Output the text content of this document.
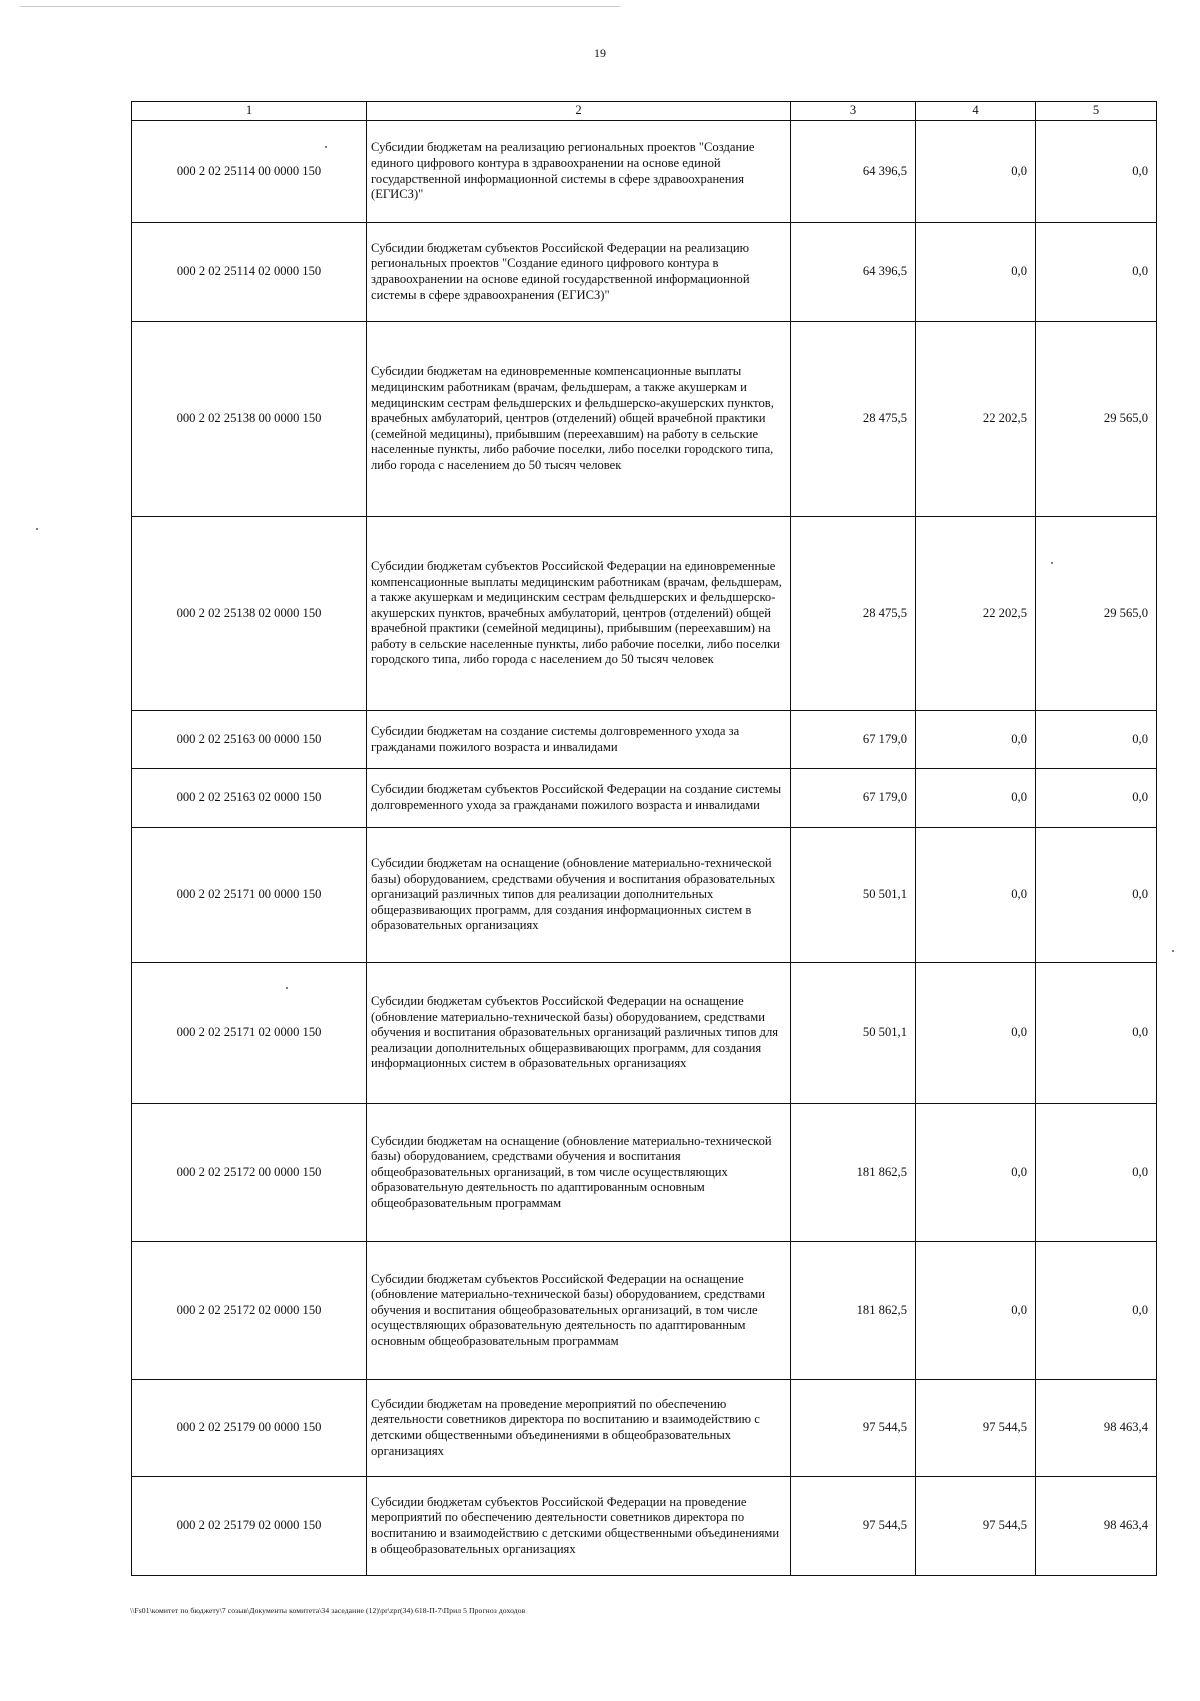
19
1	2	3	4	5
000 2 02 25114 00 0000 150	Субсидии бюджетам на реализацию региональных проектов "Создание единого цифрового контура в здравоохранении на основе единой государственной информационной системы в сфере здравоохранения (ЕГИСЗ)"	64 396,5	0,0	0,0
000 2 02 25114 02 0000 150	Субсидии бюджетам субъектов Российской Федерации на реализацию региональных проектов "Создание единого цифрового контура в здравоохранении на основе единой государственной информационной системы в сфере здравоохранения (ЕГИСЗ)"	64 396,5	0,0	0,0
000 2 02 25138 00 0000 150	Субсидии бюджетам на единовременные компенсационные выплаты медицинским работникам (врачам, фельдшерам, а также акушеркам и медицинским сестрам фельдшерских и фельдшерско-акушерских пунктов, врачебных амбулаторий, центров (отделений) общей врачебной практики (семейной медицины), прибывшим (переехавшим) на работу в сельские населенные пункты, либо рабочие поселки, либо поселки городского типа, либо города с населением до 50 тысяч человек	28 475,5	22 202,5	29 565,0
000 2 02 25138 02 0000 150	Субсидии бюджетам субъектов Российской Федерации на единовременные компенсационные выплаты медицинским работникам (врачам, фельдшерам, а также акушеркам и медицинским сестрам фельдшерских и фельдшерско-акушерских пунктов, врачебных амбулаторий, центров (отделений) общей врачебной практики (семейной медицины), прибывшим (переехавшим) на работу в сельские населенные пункты, либо рабочие поселки, либо поселки городского типа, либо города с населением до 50 тысяч человек	28 475,5	22 202,5	29 565,0
000 2 02 25163 00 0000 150	Субсидии бюджетам на создание системы долговременного ухода за гражданами пожилого возраста и инвалидами	67 179,0	0,0	0,0
000 2 02 25163 02 0000 150	Субсидии бюджетам субъектов Российской Федерации на создание системы долговременного ухода за гражданами пожилого возраста и инвалидами	67 179,0	0,0	0,0
000 2 02 25171 00 0000 150	Субсидии бюджетам на оснащение (обновление материально-технической базы) оборудованием, средствами обучения и воспитания образовательных организаций различных типов для реализации дополнительных общеразвивающих программ, для создания информационных систем в образовательных организациях	50 501,1	0,0	0,0
000 2 02 25171 02 0000 150	Субсидии бюджетам субъектов Российской Федерации на оснащение (обновление материально-технической базы) оборудованием, средствами обучения и воспитания образовательных организаций различных типов для реализации дополнительных общеразвивающих программ, для создания информационных систем в образовательных организациях	50 501,1	0,0	0,0
000 2 02 25172 00 0000 150	Субсидии бюджетам на оснащение (обновление материально-технической базы) оборудованием, средствами обучения и воспитания общеобразовательных организаций, в том числе осуществляющих образовательную деятельность по адаптированным основным общеобразовательным программам	181 862,5	0,0	0,0
000 2 02 25172 02 0000 150	Субсидии бюджетам субъектов Российской Федерации на оснащение (обновление материально-технической базы) оборудованием, средствами обучения и воспитания общеобразовательных организаций, в том числе осуществляющих образовательную деятельность по адаптированным основным общеобразовательным программам	181 862,5	0,0	0,0
000 2 02 25179 00 0000 150	Субсидии бюджетам на проведение мероприятий по обеспечению деятельности советников директора по воспитанию и взаимодействию с детскими общественными объединениями в общеобразовательных организациях	97 544,5	97 544,5	98 463,4
000 2 02 25179 02 0000 150	Субсидии бюджетам субъектов Российской Федерации на проведение мероприятий по обеспечению деятельности советников директора по воспитанию и взаимодействию с детскими общественными объединениями в общеобразовательных организациях	97 544,5	97 544,5	98 463,4
\\Fs01\комитет по бюджету\7 созыв\Документы комитета\34 заседание (12)\pr\zpr(34) 618-П-7\Прил 5 Прогноз доходов
